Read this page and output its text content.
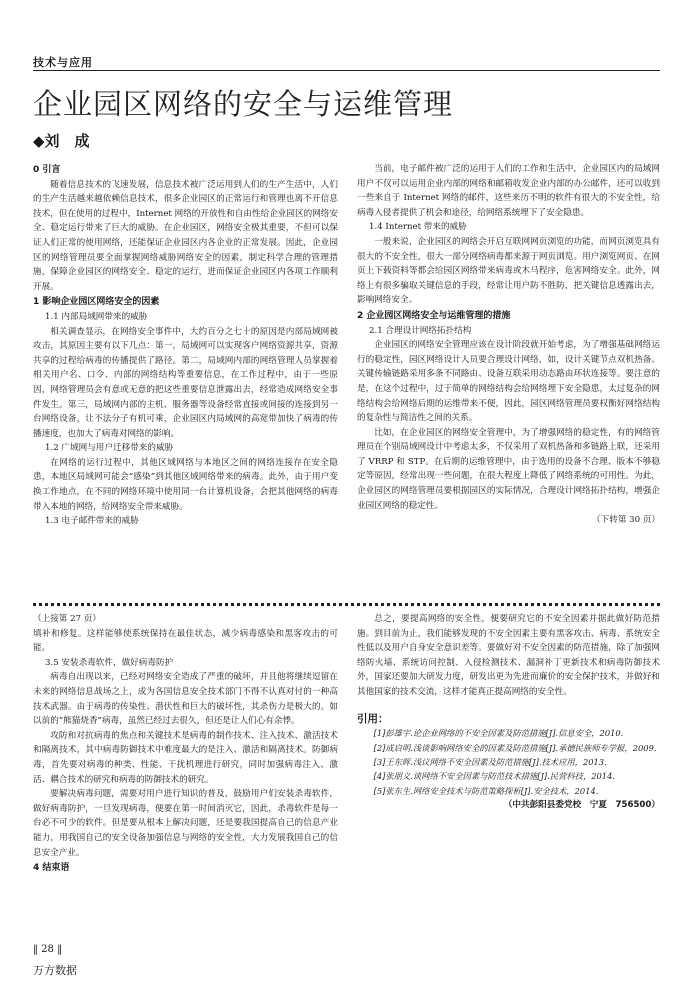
技术与应用
企业园区网络的安全与运维管理
◆刘　成

0 引言

随着信息技术的飞速发展，信息技术被广泛运用到人们的生产生活中，人们的生产生活越来越依赖信息技术，很多企业园区的正常运行和管理也离不开信息技术，但在使用的过程中，Internet 网络的开放性和自由性给企业园区的网络安全、稳定运行带来了巨大的威胁。在企业园区，网络安全极其重要，不但可以保证人们正常的使用网络，还能保证企业园区内各企业的正常发展。因此，企业园区的网络管理员要全面掌握网络威胁网络安全的因素，制定科学合理的管理措施，保障企业园区的网络安全、稳定的运行，进而保证企业园区内各项工作顺利开展。

1 影响企业园区网络安全的因素

1.1 内部局域网带来的威胁

相关调查显示，在网络安全事件中，大约百分之七十的原因是内部局域网被攻击，其原因主要有以下几点：第一，局域网可以实现客户网络资源共享，资源共享的过程给病毒的传播提供了路径。第二，局域网内部的网络管理人员掌握着相关用户名、口令、内部的网络结构等重要信息，在工作过程中，由于一些原因，网络管理员会有意或无意的把这些重要信息泄露出去，经常造成网络安全事件发生。第三，局域网内部的主机、服务器等设备经常直接或间接的连接到另一台网络设备，让不法分子有机可乘，企业园区内局域网的高宽带加快了病毒的传播速度，也加大了病毒对网络的影响。

1.2 广域网与用户迁移带来的威胁

在网络的运行过程中，其他区域网络与本地区之间的网络连接存在安全隐患，本地区局域网可能会“感染”到其他区域网络带来的病毒。此外，由于用户变换工作地点，在不同的网络环境中使用同一台计算机设备，会把其他网络的病毒带入本地的网络，给网络安全带来威胁。

1.3 电子邮件带来的威胁

当前，电子邮件被广泛的运用于人们的工作和生活中，企业园区内的局域网用户不仅可以运用企业内部的网络和邮箱收发企业内部的办公邮件，还可以收到一些来自于 Internet 网络的邮件，这些来历不明的软件有很大的不安全性，给病毒入侵者提供了机会和途径，给网络系统埋下了安全隐患。

1.4 Internet 带来的威胁

一般来说，企业园区的网络会开启互联网网页浏览的功能，而网页浏览具有很大的不安全性，很大一部分网络病毒都来源于网页浏览。用户浏览网页、在网页上下载资料等都会给园区网络带来病毒或木马程序，危害网络安全。此外，网络上有很多骗取关键信息的手段，经常让用户防不胜防，把关键信息透露出去，影响网络安全。

2 企业园区网络安全与运维管理的措施

2.1 合理设计网络拓扑结构

企业园区的网络安全管理应该在设计阶段就开始考虑，为了增强基础网络运行的稳定性，园区网络设计人员要合理设计网络，如，设计关键节点双机热备、关键传输链路采用多条不同路由、设备互联采用动态路由环状连接等。要注意的是，在这个过程中，过于简单的网络结构会给网络埋下安全隐患，太过复杂的网络结构会给网络后期的运维带来不便，因此，园区网络管理员要权衡好网络结构的复杂性与简洁性之间的关系。

比如，在企业园区的网络安全管理中，为了增强网络的稳定性，有的网络管理员在个别局域网设计中考虑太多，不仅采用了双机热备和多链路上联，还采用了 VRRP 和 STP。在后期的运维管理中，由于选用的设备不合理、版本不够稳定等原因，经常出现一些问题，在很大程度上降低了网络系统的可用性。为此，企业园区的网络管理员要根据园区的实际情况，合理设计网络拓扑结构，增强企业园区网络的稳定性。

（下转第 30 页）

（上接第 27 页）

填补和修复。这样能够使系统保持在最佳状态，减少病毒感染和黑客攻击的可能。

3.5 安装杀毒软件，做好病毒防护

病毒自出现以来，已经对网络安全造成了严重的破坏，并且他将继续逗留在未来的网络信息战场之上，成为各国信息安全技术部门不得不认真对付的一种高技术武器。由于病毒的传染性、潜伏性和巨大的破坏性，其杀伤力是极大的。如以前的“熊猫烧香”病毒，虽然已经过去很久，但还是让人们心有余悸。

攻防和对抗病毒的焦点和关键技术是病毒的制作技术、注入技术、激活技术和隔离技术，其中病毒防御技术中难度最大的是注入、激活和隔离技术。防御病毒，首先要对病毒的种类、性能、干扰机理进行研究，同时加强病毒注入、激活、耦合技术的研究和病毒的防御技术的研究。

要解决病毒问题，需要对用户进行知识的普及，鼓励用户们安装杀毒软件，做好病毒防护，一旦发现病毒，便要在第一时间消灭它，因此，杀毒软件是每一台必不可少的软件。但是要从根本上解决问题，还是要我国提高自己的信息产业能力，用我国自己的安全设备加强信息与网络的安全性，大力发展我国自己的信息安全产业。

4 结束语

总之，要提高网络的安全性，便要研究它的不安全因素并据此做好防范措施。到目前为止，我们能够发现的不安全因素主要有黑客攻击、病毒、系统安全性低以及用户自身安全意识差等。要做好对不安全因素的防范措施，除了加强网络防火墙、系统访问控制、入侵检测技术、漏洞补丁更新技术和病毒防御技术外，国家还要加大研发力度，研发出更为先进而廉价的安全保护技术，并做好和其他国家的技术交流，这样才能真正提高网络的安全性。

引用：

[1]彭雄宇.论企业网络的不安全因素及防范措施[J].信息安全，2010.

[2]成启明.浅谈影响网络安全的因素及防范措施[J].承德民族师专学报，2009.

[3]王东晖.浅议网络不安全因素及防范措施[J].技术应用，2013.

[4]张朋义.谈网络不安全因素与防范技术措施[J].民营科技，2014.

[5]张东生.网络安全技术与防范策略探析[J].安全技术，2014.

（中共彭阳县委党校　宁夏　756500）

‖ 28 ‖
万方数据
